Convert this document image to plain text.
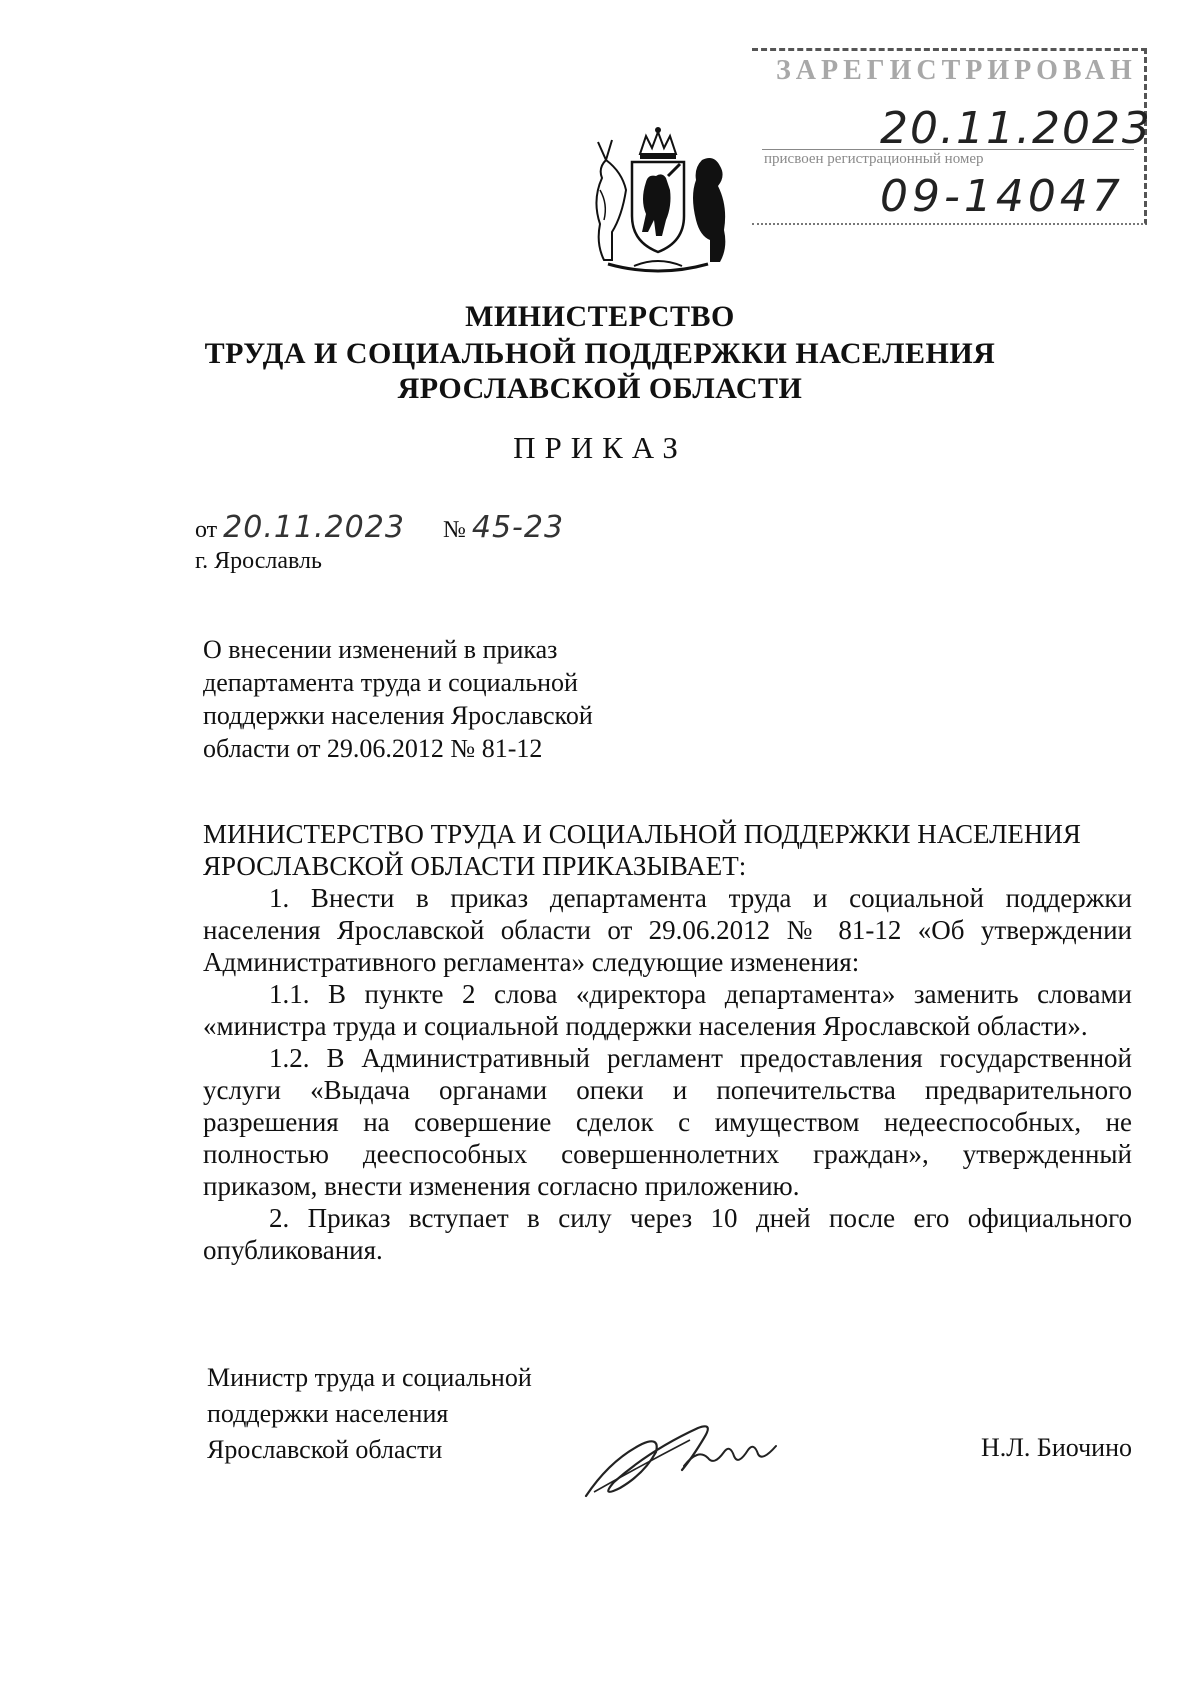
ЗАРЕГИСТРИРОВАН
20.11.2023
присвоен регистрационный номер
09-14047
МИНИСТЕРСТВО
ТРУДА И СОЦИАЛЬНОЙ ПОДДЕРЖКИ НАСЕЛЕНИЯ
ЯРОСЛАВСКОЙ ОБЛАСТИ
ПРИКАЗ
от 20.11.2023 № 45-23
г. Ярославль
О внесении изменений в приказ
департамента труда и социальной
поддержки населения Ярославской
области от 29.06.2012 № 81-12

МИНИСТЕРСТВО ТРУДА И СОЦИАЛЬНОЙ ПОДДЕРЖКИ НАСЕЛЕНИЯ ЯРОСЛАВСКОЙ ОБЛАСТИ ПРИКАЗЫВАЕТ:

1. Внести в приказ департамента труда и социальной поддержки населения Ярославской области от 29.06.2012 № 81-12 «Об утверждении Административного регламента» следующие изменения:

1.1. В пункте 2 слова «директора департамента» заменить словами «министра труда и социальной поддержки населения Ярославской области».

1.2. В Административный регламент предоставления государственной услуги «Выдача органами опеки и попечительства предварительного разрешения на совершение сделок с имуществом недееспособных, не полностью дееспособных совершеннолетних граждан», утвержденный приказом, внести изменения согласно приложению.

2. Приказ вступает в силу через 10 дней после его официального опубликования.

Министр труда и социальной
поддержки населения
Ярославской области	Н.Л. Биочино
